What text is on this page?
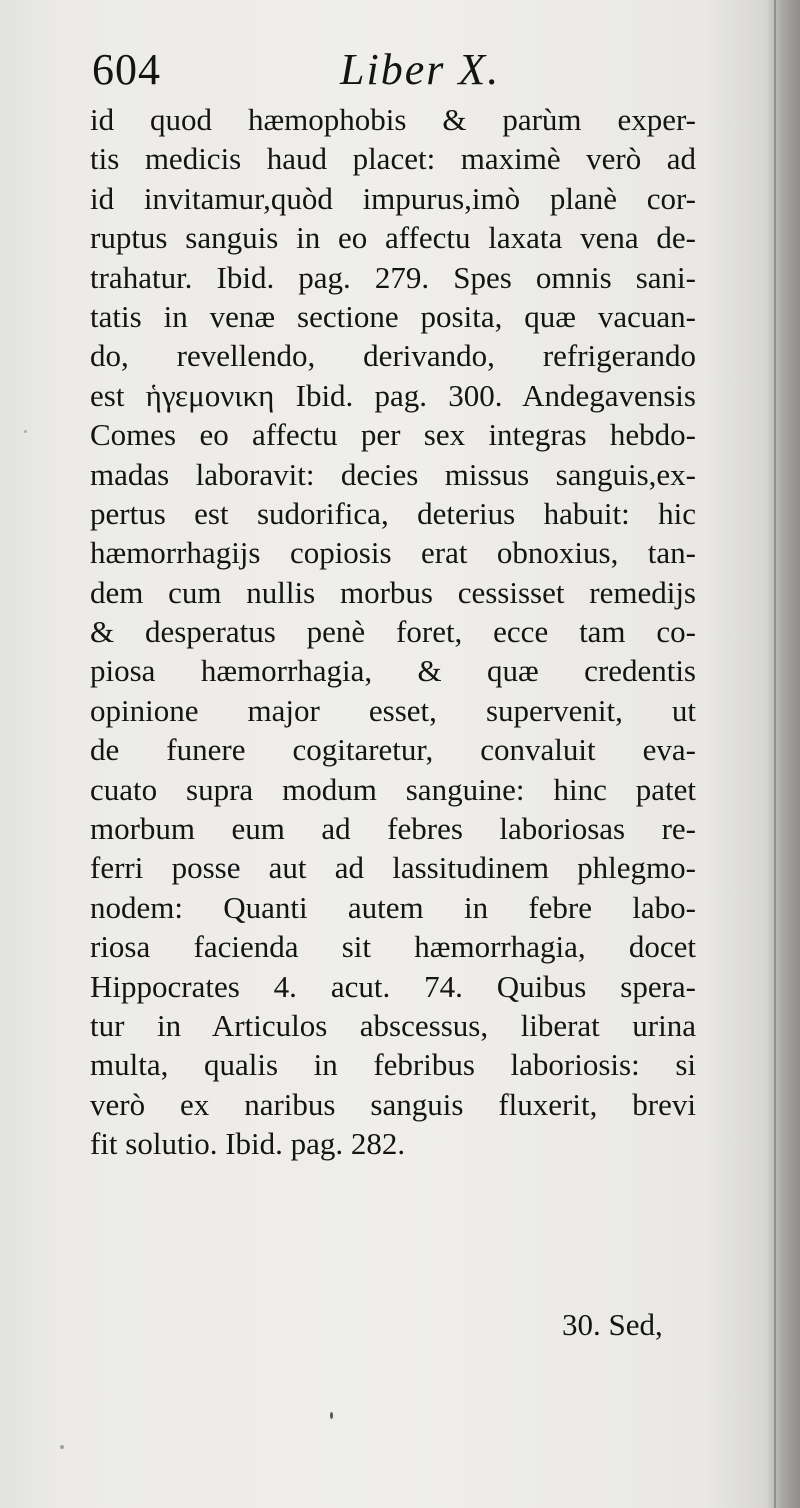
604	Liber X.
id quod hæmophobis & parùm exper-
tis medicis haud placet: maximè verò ad
id invitamur,quòd impurus,imò planè cor-
ruptus sanguis in eo affectu laxata vena de-
trahatur. Ibid. pag. 279. Spes omnis sani-
tatis in venæ sectione posita, quæ vacuan-
do, revellendo, derivando, refrigerando
est ἡγεμονικη Ibid. pag. 300. Andegavensis
Comes eo affectu per sex integras hebdo-
madas laboravit: decies missus sanguis,ex-
pertus est sudorifica, deterius habuit: hic
hæmorrhagijs copiosis erat obnoxius, tan-
dem cum nullis morbus cessisset remedijs
& desperatus penè foret, ecce tam co-
piosa hæmorrhagia, & quæ credentis
opinione major esset, supervenit, ut
de funere cogitaretur, convaluit eva-
cuato supra modum sanguine: hinc patet
morbum eum ad febres laboriosas re-
ferri posse aut ad lassitudinem phlegmo-
nodem: Quanti autem in febre labo-
riosa facienda sit hæmorrhagia, docet
Hippocrates 4. acut. 74. Quibus spera-
tur in Articulos abscessus, liberat urina
multa, qualis in febribus laboriosis: si
verò ex naribus sanguis fluxerit, brevi
fit solutio. Ibid. pag. 282.
30. Sed,
